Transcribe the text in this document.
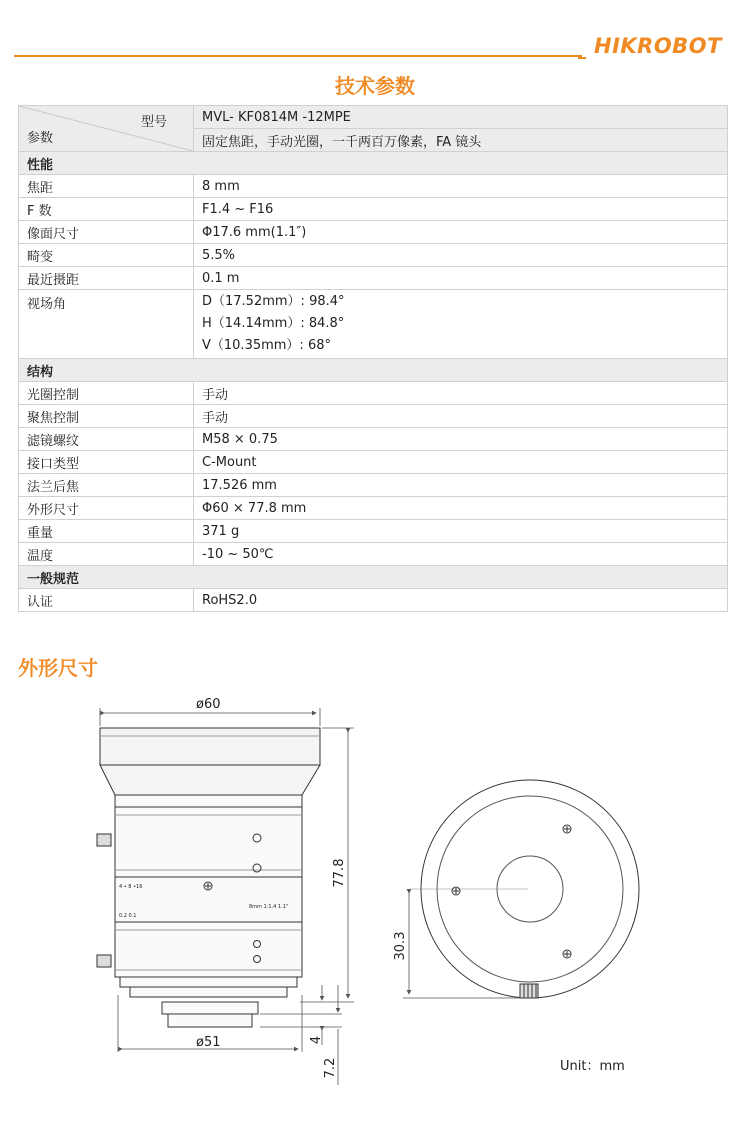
HIKROBOT
技术参数
型号
参数	MVL- KF0814M -12MPE
	固定焦距，手动光圈，一千两百万像素，FA 镜头
性能	
焦距	8 mm
F 数	F1.4 ~ F16
像面尺寸	Φ17.6 mm(1.1″)
畸变	5.5%
最近摄距	0.1 m
视场角	D（17.52mm）: 98.4°
H（14.14mm）: 84.8°
V（10.35mm）: 68°

结构	
光圈控制	手动
聚焦控制	手动
滤镜螺纹	M58 × 0.75
接口类型	C-Mount
法兰后焦	17.526 mm
外形尺寸	Φ60 × 77.8 mm
重量	371 g
温度	-10 ~ 50℃
一般规范	
认证	RoHS2.0
外形尺寸
4 • 8 •16
8mm 1:1.4 1.1"
0.2 0.1
ø60
ø51
77.8
4
7.2
30.3
Unit：mm
